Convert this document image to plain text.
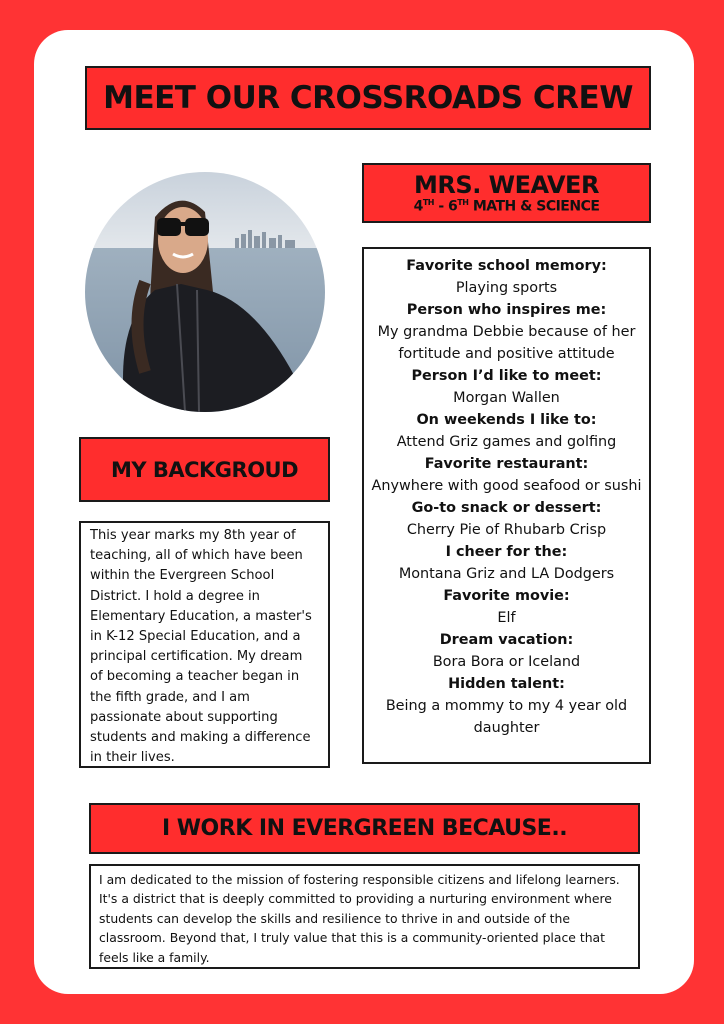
MEET OUR CROSSROADS CREW
MRS. WEAVER
4TH - 6TH MATH & SCIENCE

Favorite school memory:

Playing sports

Person who inspires me:

My grandma Debbie because of her fortitude and positive attitude

Person I’d like to meet:

Morgan Wallen

On weekends I like to:

Attend Griz games and golfing

Favorite restaurant:

Anywhere with good seafood or sushi

Go-to snack or dessert:

Cherry Pie of Rhubarb Crisp

I cheer for the:

Montana Griz and LA Dodgers

Favorite movie:

Elf

Dream vacation:

Bora Bora or Iceland

Hidden talent:

Being a mommy to my 4 year old daughter

MY BACKGROUD

This year marks my 8th year of teaching, all of which have been within the Evergreen School District. I hold a degree in Elementary Education, a master's in K-12 Special Education, and a principal certification. My dream of becoming a teacher began in the fifth grade, and I am passionate about supporting students and making a difference in their lives.

I WORK IN EVERGREEN BECAUSE..

I am dedicated to the mission of fostering responsible citizens and lifelong learners. It's a district that is deeply committed to providing a nurturing environment where students can develop the skills and resilience to thrive in and outside of the classroom. Beyond that, I truly value that this is a community-oriented place that feels like a family.
